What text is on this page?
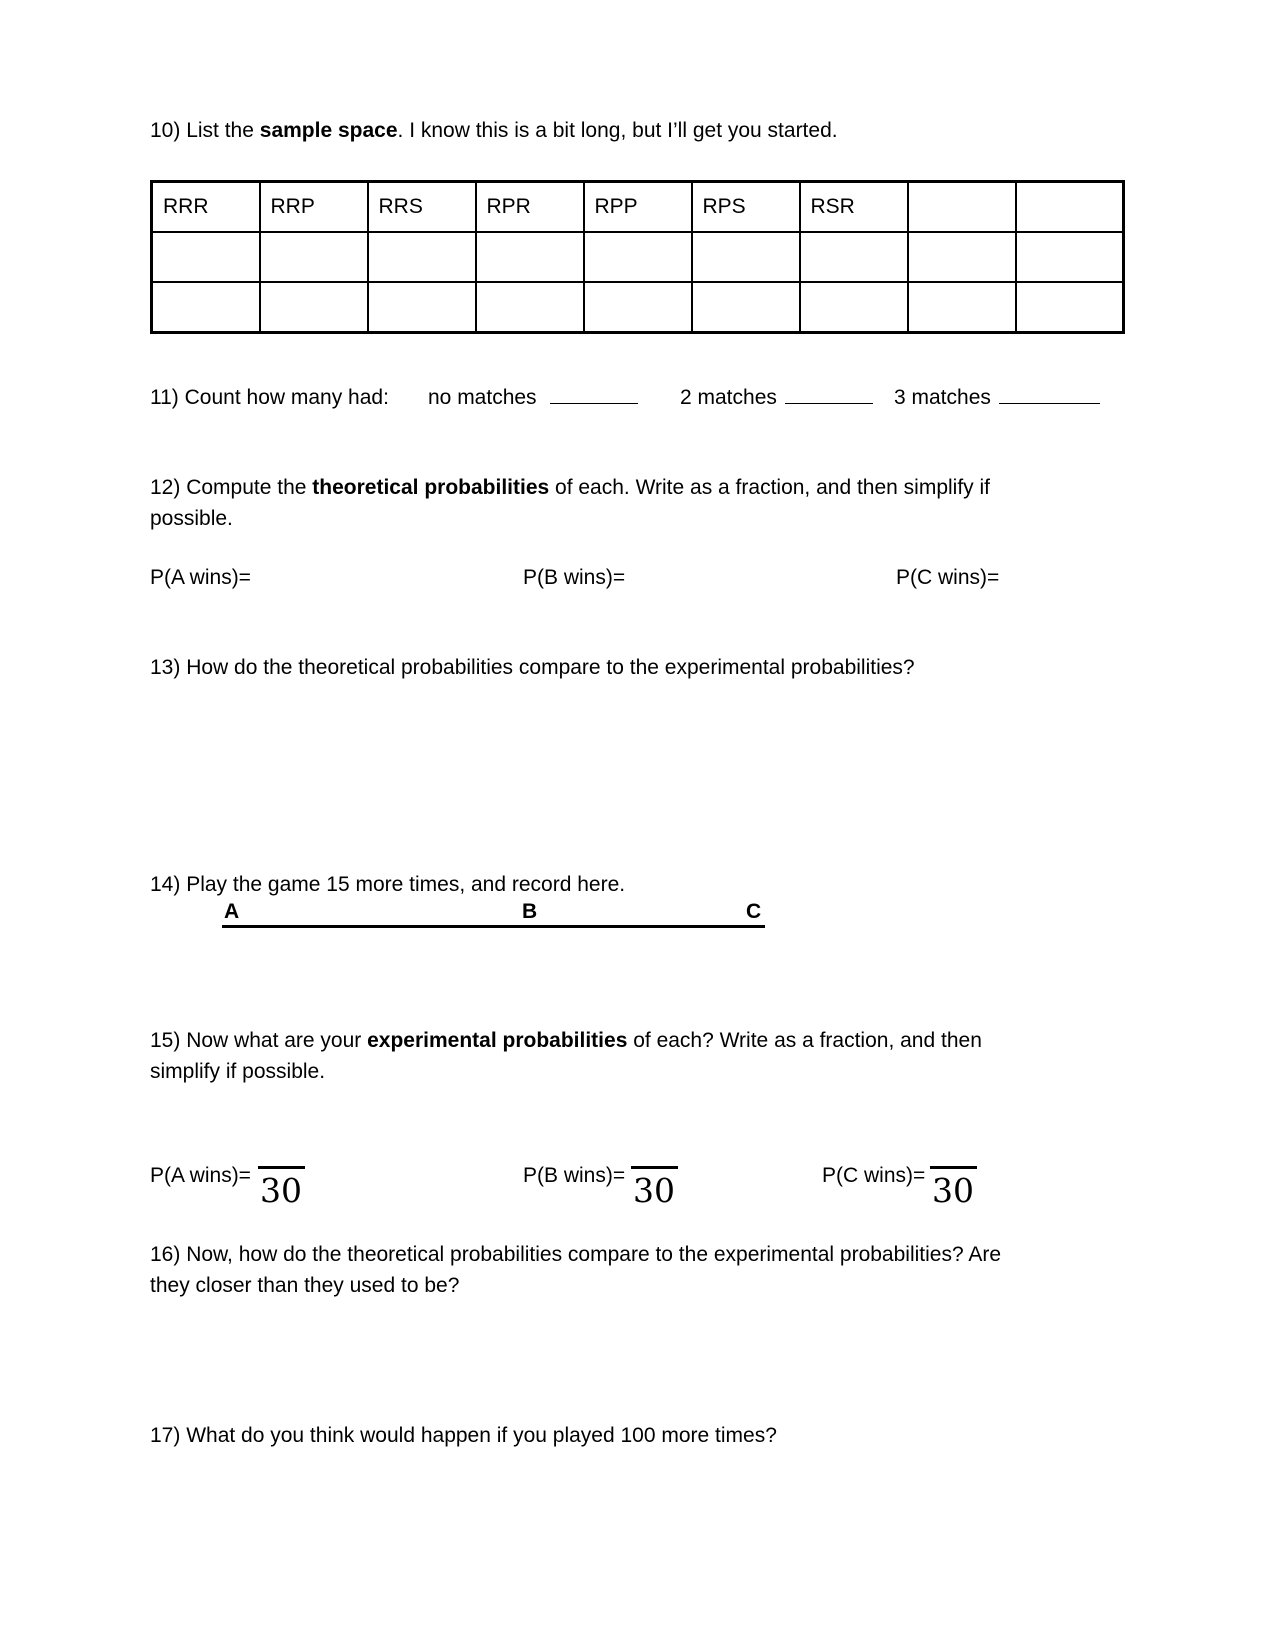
10) List the sample space. I know this is a bit long, but I’ll get you started.
RRR	RRP	RRS	RPR	RPP	RPS	RSR		

11) Count how many had: no matches	2 matches	3 matches
12) Compute the theoretical probabilities of each. Write as a fraction, and then simplify if
possible.
P(A wins)=	P(B wins)=	P(C wins)=
13) How do the theoretical probabilities compare to the experimental probabilities?
14) Play the game 15 more times, and record here.
A	B	C
15) Now what are your experimental probabilities of each? Write as a fraction, and then
simplify if possible.
P(A wins)= 30	P(B wins)= 30	P(C wins)= 30
16) Now, how do the theoretical probabilities compare to the experimental probabilities? Are
they closer than they used to be?
17) What do you think would happen if you played 100 more times?
